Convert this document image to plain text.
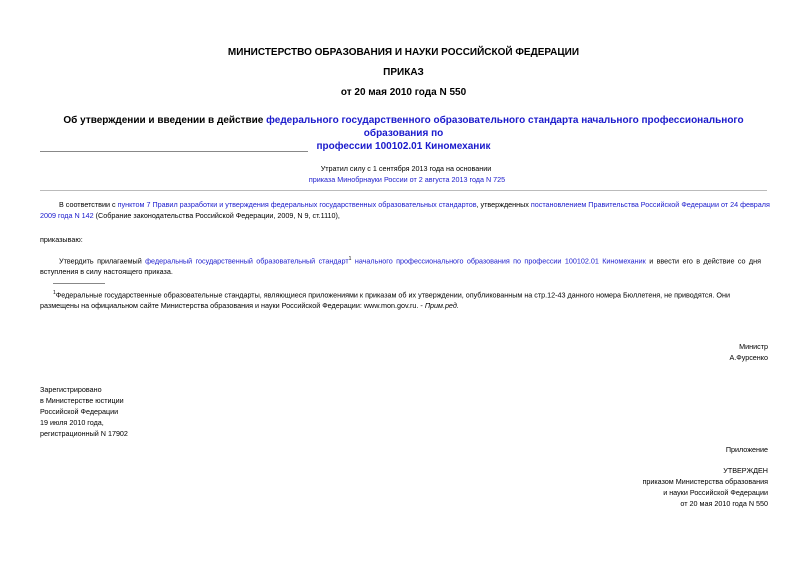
МИНИСТЕРСТВО ОБРАЗОВАНИЯ И НАУКИ РОССИЙСКОЙ ФЕДЕРАЦИИ
ПРИКАЗ
от 20 мая 2010 года N 550
Об утверждении и введении в действие федерального государственного образовательного стандарта начального профессионального образования по
профессии 100102.01 Киномеханик
Утратил силу с 1 сентября 2013 года на основании
приказа Минобрнауки России от 2 августа 2013 года N 725
В соответствии с пунктом 7 Правил разработки и утверждения федеральных государственных образовательных стандартов, утвержденных постановлением Правительства Российской Федерации от 24 февраля
2009 года N 142 (Собрание законодательства Российской Федерации, 2009, N 9, ст.1110),
приказываю:
Утвердить прилагаемый федеральный государственный образовательный стандарт$^1$ начального профессионального образования по профессии 100102.01 Киномеханик и ввести его в действие со дня
вступления в силу настоящего приказа.
$^1$Федеральные государственные образовательные стандарты, являющиеся приложениями к приказам об их утверждении, опубликованным на стр.12-43 данного номера Бюллетеня, не приводятся. Они
размещены на официальном сайте Министерства образования и науки Российской Федерации: www.mon.gov.ru. - Прим.ред.
Министр
А.Фурсенко
Зарегистрировано
в Министерстве юстиции
Российской Федерации
19 июля 2010 года,
регистрационный N 17902
Приложение
УТВЕРЖДЕН
приказом Министерства образования
и науки Российской Федерации
от 20 мая 2010 года N 550
